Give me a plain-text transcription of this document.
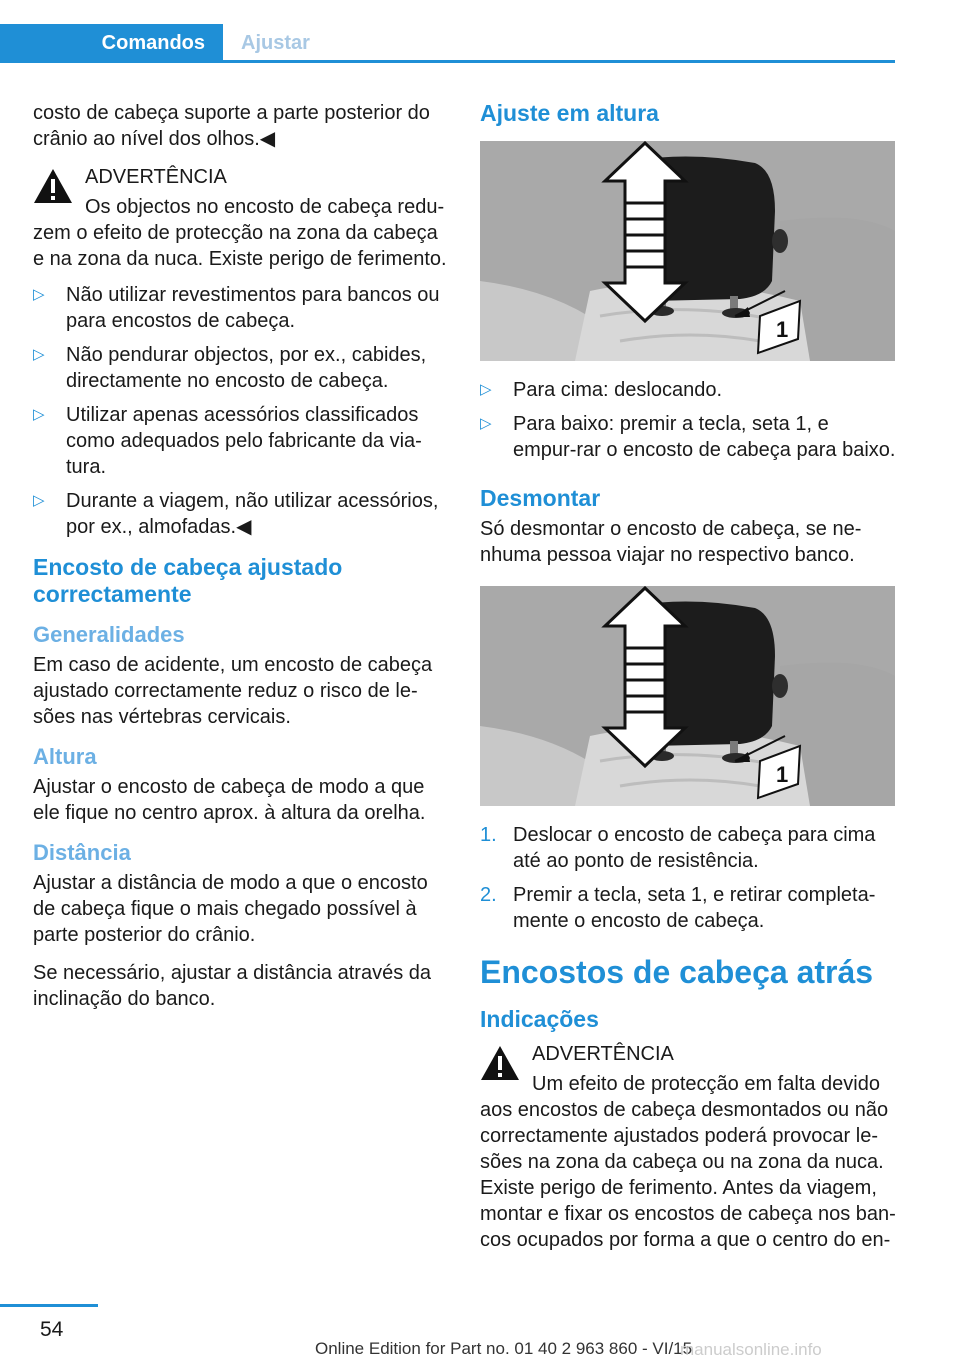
Comandos	Ajustar

costo de cabeça suporte a parte posterior do crânio ao nível dos olhos.◀

ADVERTÊNCIA

Os objectos no encosto de cabeça redu‐

zem o efeito de protecção na zona da cabeça e na zona da nuca. Existe perigo de ferimento.

▷ Não utilizar revestimentos para bancos ou para encostos de cabeça.
▷ Não pendurar objectos, por ex., cabides, directamente no encosto de cabeça.
▷ Utilizar apenas acessórios classificados como adequados pelo fabricante da via‐tura.
▷ Durante a viagem, não utilizar acessórios, por ex., almofadas.◀
Encosto de cabeça ajustado correctamente
Generalidades

Em caso de acidente, um encosto de cabeça ajustado correctamente reduz o risco de le‐sões nas vértebras cervicais.

Altura

Ajustar o encosto de cabeça de modo a que ele fique no centro aprox. à altura da orelha.

Distância

Ajustar a distância de modo a que o encosto de cabeça fique o mais chegado possível à parte posterior do crânio.

Se necessário, ajustar a distância através da inclinação do banco.

Ajuste em altura
1
▷ Para cima: deslocando.
▷ Para baixo: premir a tecla, seta 1, e empur‐rar o encosto de cabeça para baixo.
Desmontar

Só desmontar o encosto de cabeça, se ne‐nhuma pessoa viajar no respectivo banco.

1
1. Deslocar o encosto de cabeça para cima até ao ponto de resistência.
2. Premir a tecla, seta 1, e retirar completa‐mente o encosto de cabeça.
Encostos de cabeça atrás
Indicações

ADVERTÊNCIA

Um efeito de protecção em falta devido

aos encostos de cabeça desmontados ou não correctamente ajustados poderá provocar le‐sões na zona da cabeça ou na zona da nuca. Existe perigo de ferimento. Antes da viagem, montar e fixar os encostos de cabeça nos ban‐cos ocupados por forma a que o centro do en‐

54
Online Edition for Part no. 01 40 2 963 860 - VI/15
manualsonline.info
